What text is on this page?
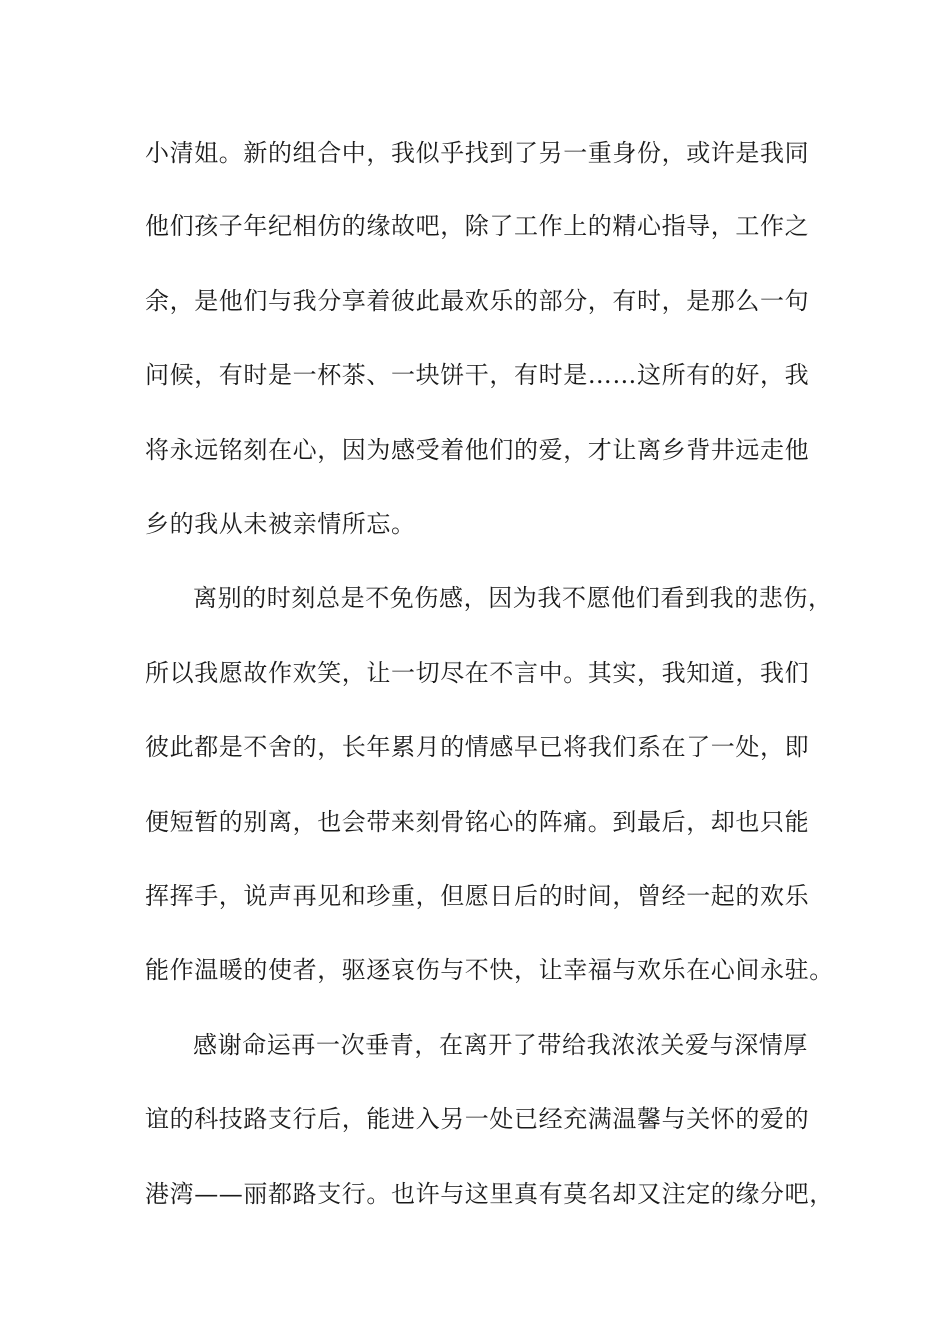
小清姐。新的组合中，我似乎找到了另一重身份，或许是我同
他们孩子年纪相仿的缘故吧，除了工作上的精心指导，工作之
余，是他们与我分享着彼此最欢乐的部分，有时，是那么一句
问候，有时是一杯茶、一块饼干，有时是……这所有的好，我
将永远铭刻在心，因为感受着他们的爱，才让离乡背井远走他
乡的我从未被亲情所忘。
离别的时刻总是不免伤感，因为我不愿他们看到我的悲伤，
所以我愿故作欢笑，让一切尽在不言中。其实，我知道，我们
彼此都是不舍的，长年累月的情感早已将我们系在了一处，即
便短暂的别离，也会带来刻骨铭心的阵痛。到最后，却也只能
挥挥手，说声再见和珍重，但愿日后的时间，曾经一起的欢乐
能作温暖的使者，驱逐哀伤与不快，让幸福与欢乐在心间永驻。
感谢命运再一次垂青，在离开了带给我浓浓关爱与深情厚
谊的科技路支行后，能进入另一处已经充满温馨与关怀的爱的
港湾——丽都路支行。也许与这里真有莫名却又注定的缘分吧，
